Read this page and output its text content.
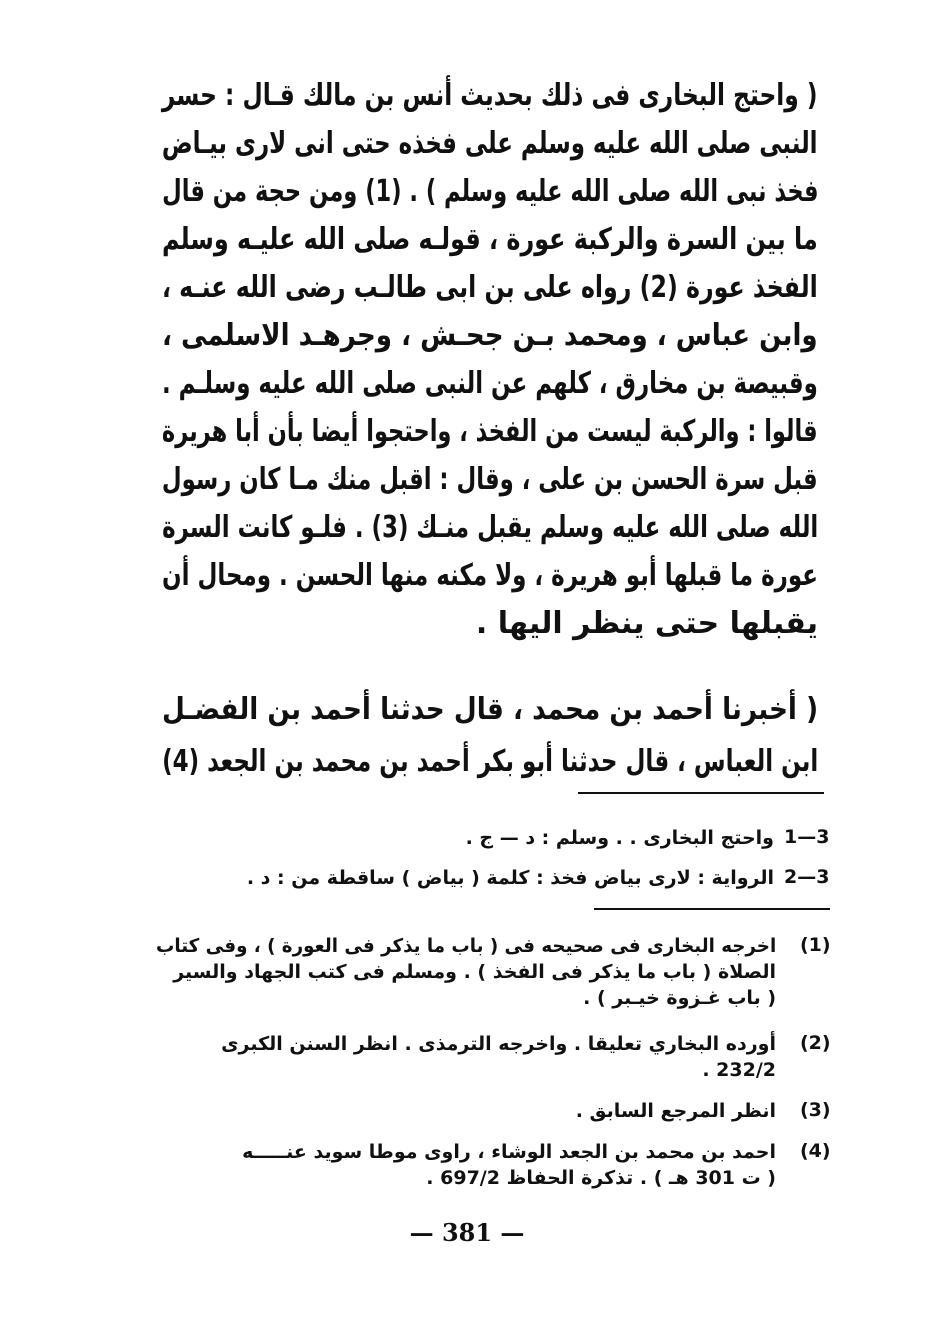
( واحتج البخارى فى ذلك بحديث أنس بن مالك قـال : حسر
النبى صلى الله عليه وسلم على فخذه حتى انى لارى بيـاض
فخذ نبى الله صلى الله عليه وسلم ) . (1) ومن حجة من قال
ما بين السرة والركبة عورة ، قولـه صلى الله عليـه وسلم
الفخذ عورة (2) رواه على بن ابى طالـب رضى الله عنـه ،
وابن عباس ، ومحمد بـن جحـش ، وجرهـد الاسلمى ،
وقبيصة بن مخارق ، كلهم عن النبى صلى الله عليه وسلـم .
قالوا : والركبة ليست من الفخذ ، واحتجوا أيضا بأن أبا هريرة
قبل سرة الحسن بن على ، وقال : اقبل منك مـا كان رسول
الله صلى الله عليه وسلم يقبل منـك (3) . فلـو كانت السرة
عورة ما قبلها أبو هريرة ، ولا مكنه منها الحسن . ومحال أن
يقبلها حتى ينظر اليها .
( أخبرنا أحمد بن محمد ، قال حدثنا أحمد بن الفضـل
ابن العباس ، قال حدثنا أبو بكر أحمد بن محمد بن الجعد (4)
1—3
واحتج البخارى . . وسلم : د — ج .
2—3
الرواية : لارى بياض فخذ : كلمة ( بياض ) ساقطة من : د .
(1)
اخرجه البخارى فى صحيحه فى ( باب ما يذكر فى العورة ) ، وفى كتاب
الصلاة ( باب ما يذكر فى الفخذ ) . ومسلم فى كتب الجهاد والسير
( باب غـزوة خيـبر ) .
(2)
أورده البخاري تعليقا . واخرجه الترمذى . انظر السنن الكبرى
232/2 .
(3)
انظر المرجع السابق .
(4)
احمد بن محمد بن الجعد الوشاء ، راوى موطا سويد عنـــــه
( ت 301 هـ ) . تذكرة الحفاظ 697/2 .
— 381 —
